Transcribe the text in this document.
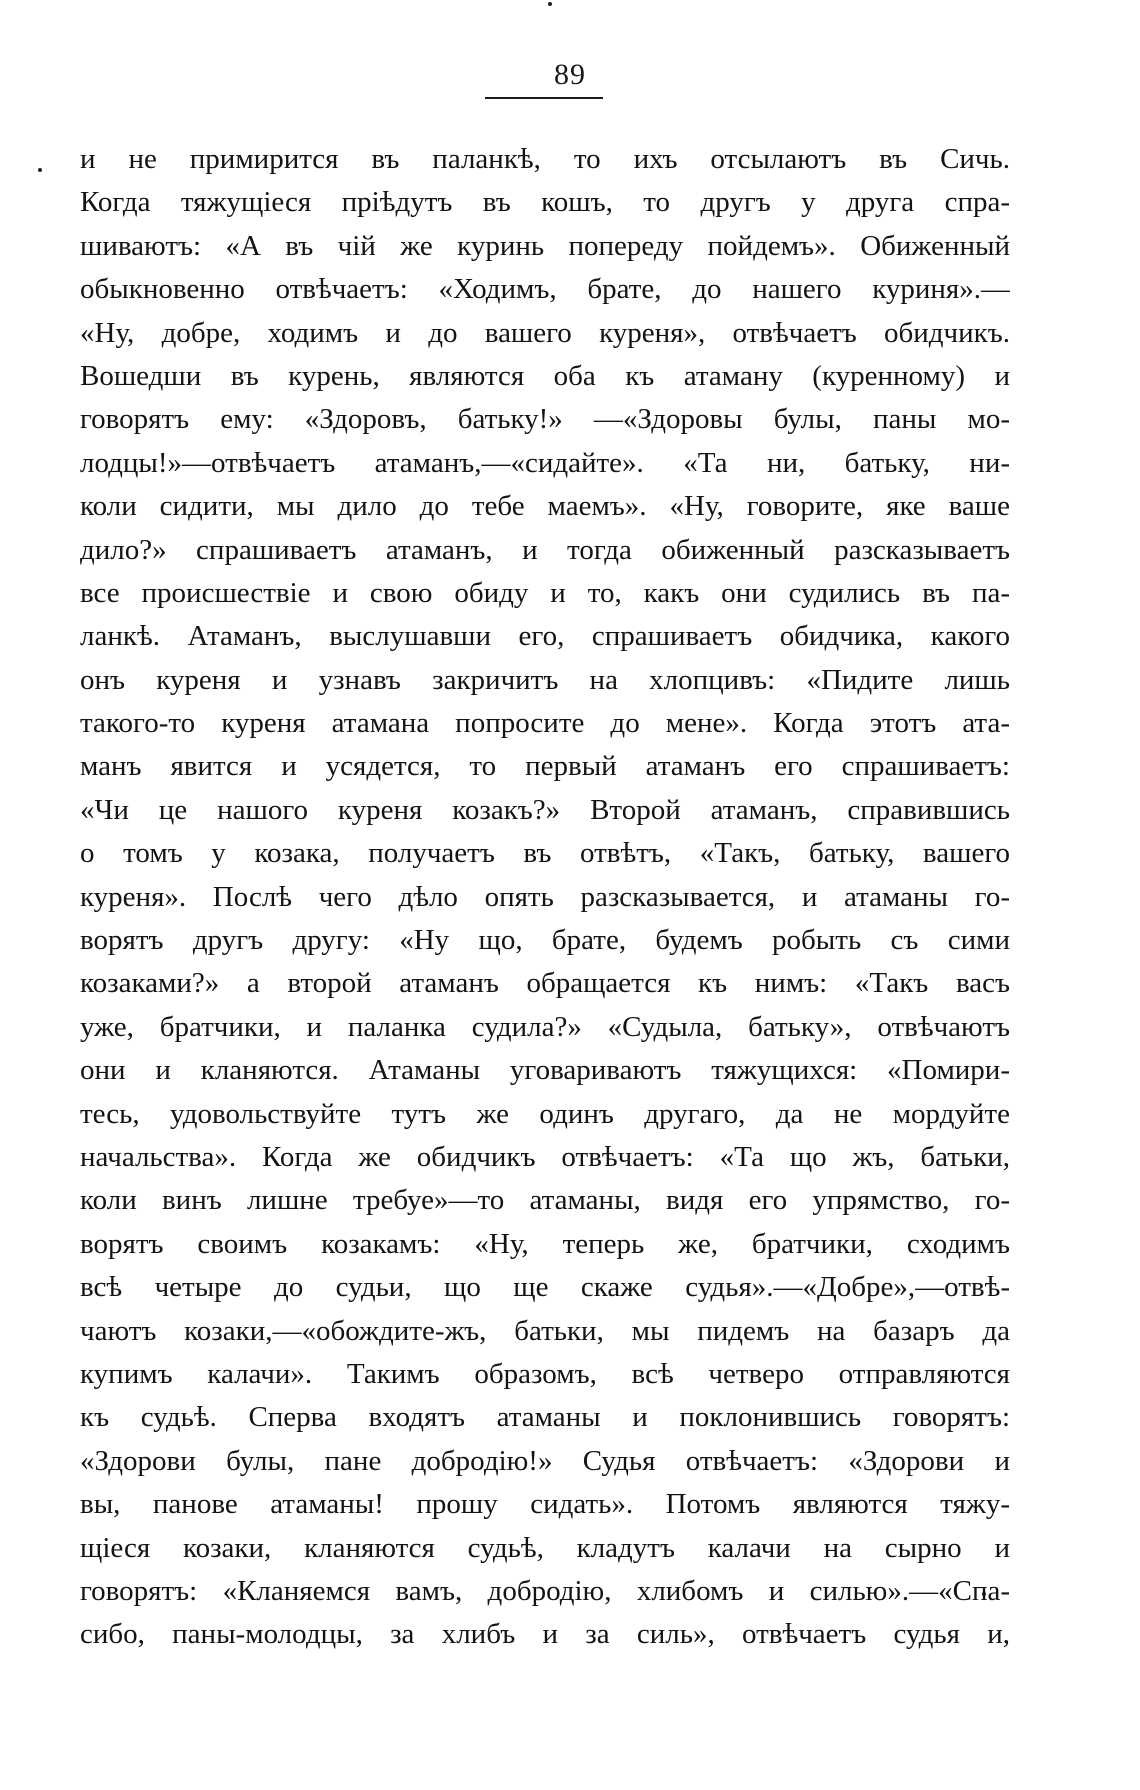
89
и не примирится въ паланкѣ, то ихъ отсылаютъ въ Сичь.
Когда тяжущіеся пріѣдутъ въ кошъ, то другъ у друга спра-
шиваютъ: «А въ чій же куринь попереду пойдемъ». Обиженный
обыкновенно отвѣчаетъ: «Ходимъ, брате, до нашего куриня».—
«Ну, добре, ходимъ и до вашего куреня», отвѣчаетъ обидчикъ.
Вошедши въ курень, являются оба къ атаману (куренному) и
говорятъ ему: «Здоровъ, батьку!» —«Здоровы булы, паны мо-
лодцы!»—отвѣчаетъ атаманъ,—«сидайте». «Та ни, батьку, ни-
коли сидити, мы дило до тебе маемъ». «Ну, говорите, яке ваше
дило?» спрашиваетъ атаманъ, и тогда обиженный разсказываетъ
все происшествіе и свою обиду и то, какъ они судились въ па-
ланкѣ. Атаманъ, выслушавши его, спрашиваетъ обидчика, какого
онъ куреня и узнавъ закричитъ на хлопцивъ: «Пидите лишь
такого-то куреня атамана попросите до мене». Когда этотъ ата-
манъ явится и усядется, то первый атаманъ его спрашиваетъ:
«Чи це нашого куреня козакъ?» Второй атаманъ, справившись
о томъ у козака, получаетъ въ отвѣтъ, «Такъ, батьку, вашего
куреня». Послѣ чего дѣло опять разсказывается, и атаманы го-
ворятъ другъ другу: «Ну що, брате, будемъ робыть съ сими
козаками?» а второй атаманъ обращается къ нимъ: «Такъ васъ
уже, братчики, и паланка судила?» «Судыла, батьку», отвѣчаютъ
они и кланяются. Атаманы уговариваютъ тяжущихся: «Помири-
тесь, удовольствуйте тутъ же одинъ другаго, да не мордуйте
начальства». Когда же обидчикъ отвѣчаетъ: «Та що жъ, батьки,
коли винъ лишне требуе»—то атаманы, видя его упрямство, го-
ворятъ своимъ козакамъ: «Ну, теперь же, братчики, сходимъ
всѣ четыре до судьи, що ще скаже судья».—«Добре»,—отвѣ-
чаютъ козаки,—«обождите-жъ, батьки, мы пидемъ на базаръ да
купимъ калачи». Такимъ образомъ, всѣ четверо отправляются
къ судьѣ. Сперва входятъ атаманы и поклонившись говорятъ:
«Здорови булы, пане добродію!» Судья отвѣчаетъ: «Здорови и
вы, панове атаманы! прошу сидать». Потомъ являются тяжу-
щіеся козаки, кланяются судьѣ, кладутъ калачи на сырно и
говорятъ: «Кланяемся вамъ, добродію, хлибомъ и силью».—«Спа-
сибо, паны-молодцы, за хлибъ и за силь», отвѣчаетъ судья и,
